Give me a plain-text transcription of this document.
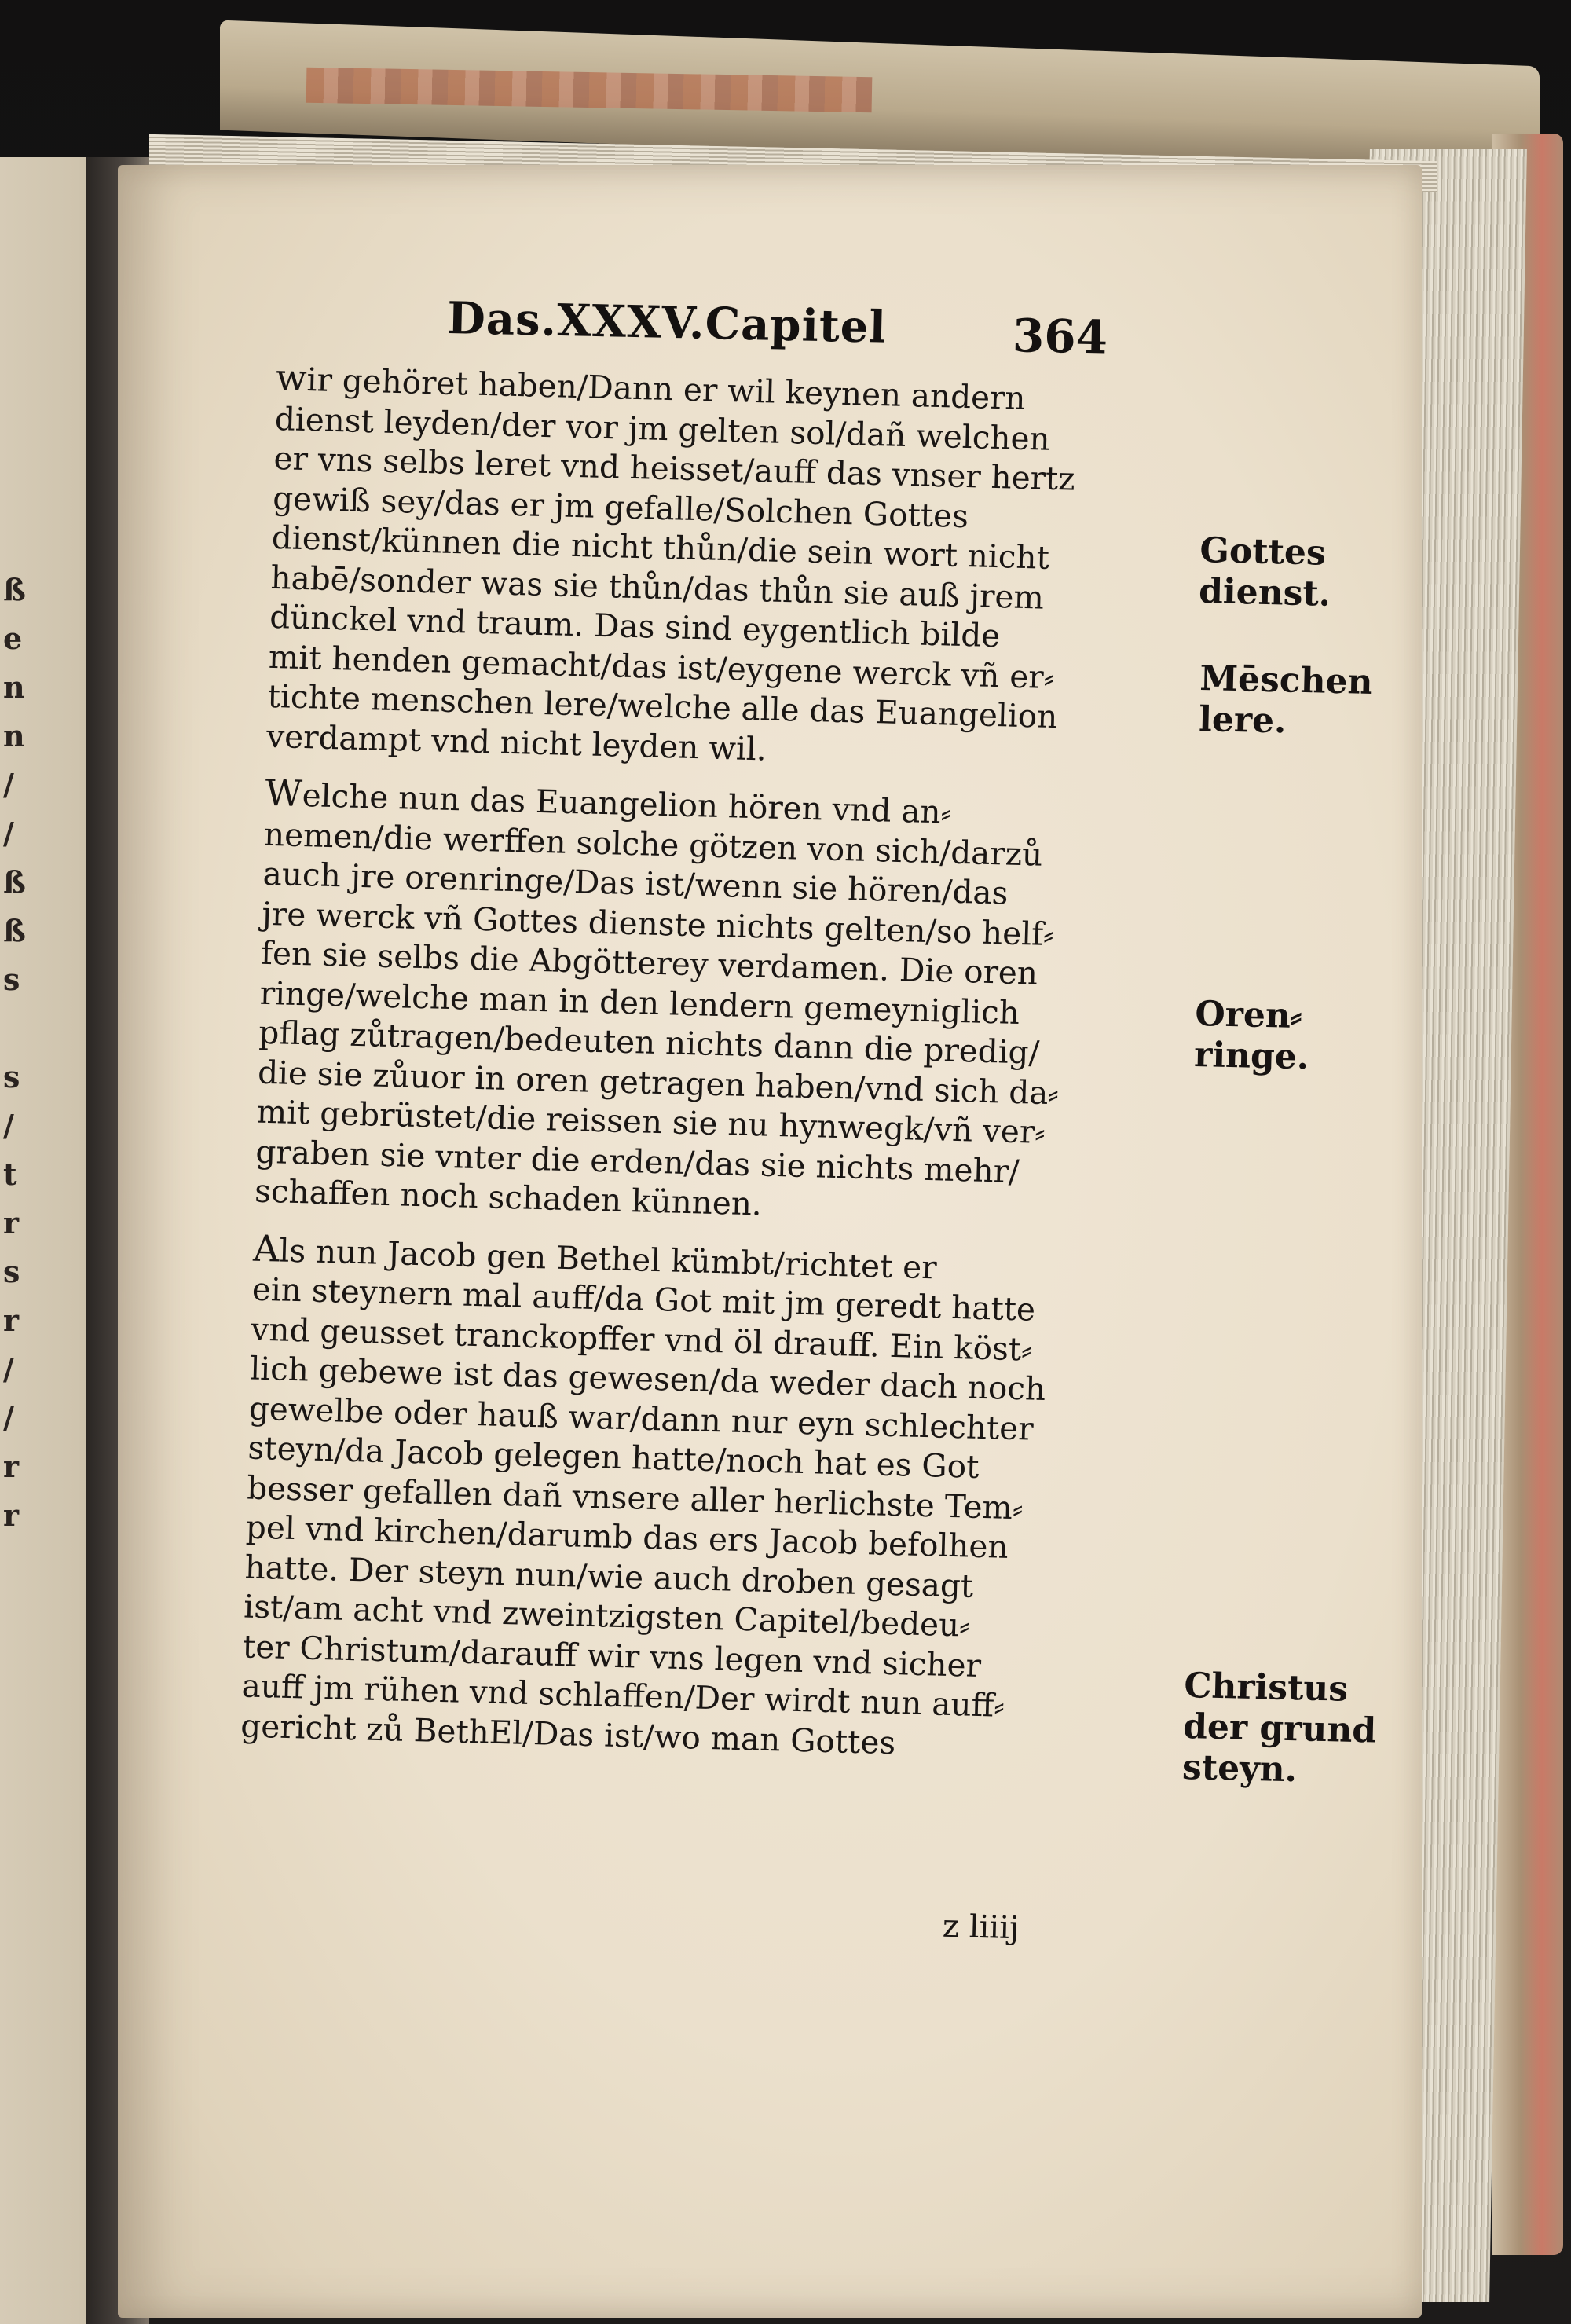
ß
e
n
n
/
/
ß
ß
s

s
/
t
r
s
r
/
/
r
r
Das.XXXV.Capitel	364

wir gehöret haben/Dann er wil keynen andern
dienst leyden/der vor jm gelten sol/dañ welchen
er vns selbs leret vnd heisset/auff das vnser hertz
gewiß sey/das er jm gefalle/Solchen Gottes
dienst/künnen die nicht thůn/die sein wort nicht
habē/sonder was sie thůn/das thůn sie auß jrem
dünckel vnd traum. Das sind eygentlich bilde
mit henden gemacht/das ist/eygene werck vñ er⸗
tichte menschen lere/welche alle das Euangelion
verdampt vnd nicht leyden wil.

Welche nun das Euangelion hören vnd an⸗
nemen/die werffen solche götzen von sich/darzů
auch jre orenringe/Das ist/wenn sie hören/das
jre werck vñ Gottes dienste nichts gelten/so helf⸗
fen sie selbs die Abgötterey verdamen. Die oren
ringe/welche man in den lendern gemeyniglich
pflag zůtragen/bedeuten nichts dann die predig/
die sie zůuor in oren getragen haben/vnd sich da⸗
mit gebrüstet/die reissen sie nu hynwegk/vñ ver⸗
graben sie vnter die erden/das sie nichts mehr/
schaffen noch schaden künnen.

Als nun Jacob gen Bethel kümbt/richtet er
ein steynern mal auff/da Got mit jm geredt hatte
vnd geusset tranckopffer vnd öl drauff. Ein köst⸗
lich gebewe ist das gewesen/da weder dach noch
gewelbe oder hauß war/dann nur eyn schlechter
steyn/da Jacob gelegen hatte/noch hat es Got
besser gefallen dañ vnsere aller herlichste Tem⸗
pel vnd kirchen/darumb das ers Jacob befolhen
hatte. Der steyn nun/wie auch droben gesagt
ist/am acht vnd zweintzigsten Capitel/bedeu⸗
ter Christum/darauff wir vns legen vnd sicher
auff jm rühen vnd schlaffen/Der wirdt nun auff⸗
gericht zů BethEl/Das ist/wo man Gottes

Gottes
dienst.
Mēschen
lere.
Oren⸗
ringe.
Christus
der grund
steyn.
z liiij
